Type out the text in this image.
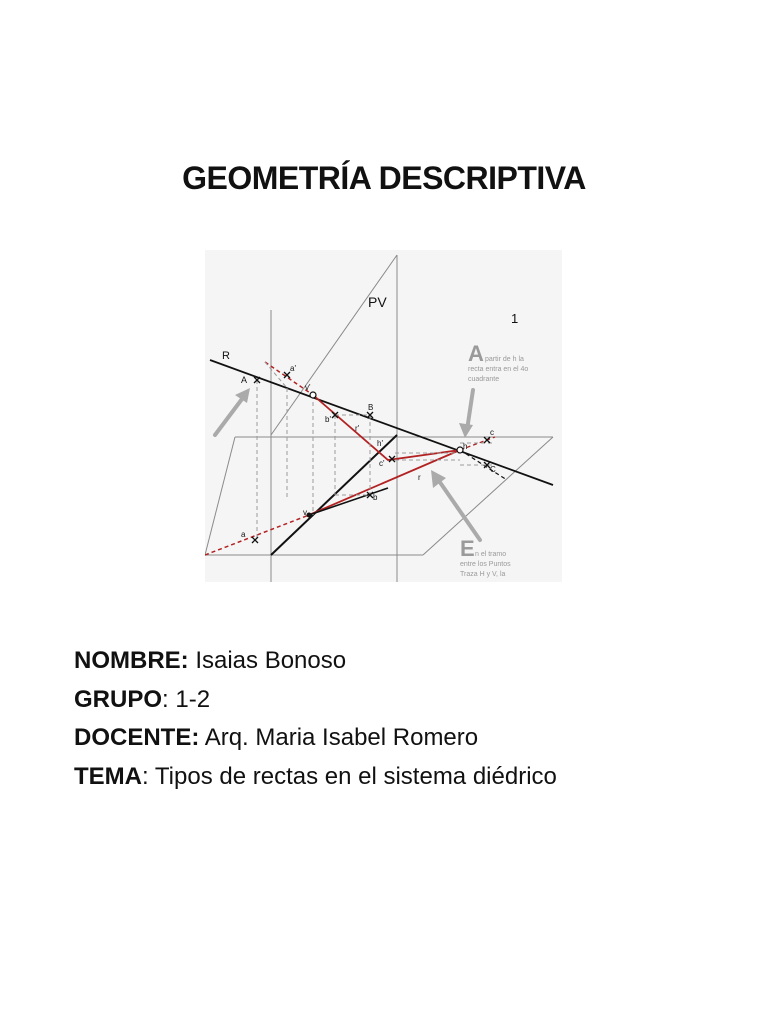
GEOMETRÍA DESCRIPTIVA
PV
1
R
A
a'
v'
B
b'
r'
h'
c'
h
c
C
r
b
v
a
A partir de h la
recta entra en el 4o
cuadrante
E n el tramo
entre los Puntos
Traza H y V, la
NOMBRE: Isaias Bonoso
GRUPO: 1-2
DOCENTE: Arq. Maria Isabel Romero
TEMA: Tipos de rectas en el sistema diédrico
